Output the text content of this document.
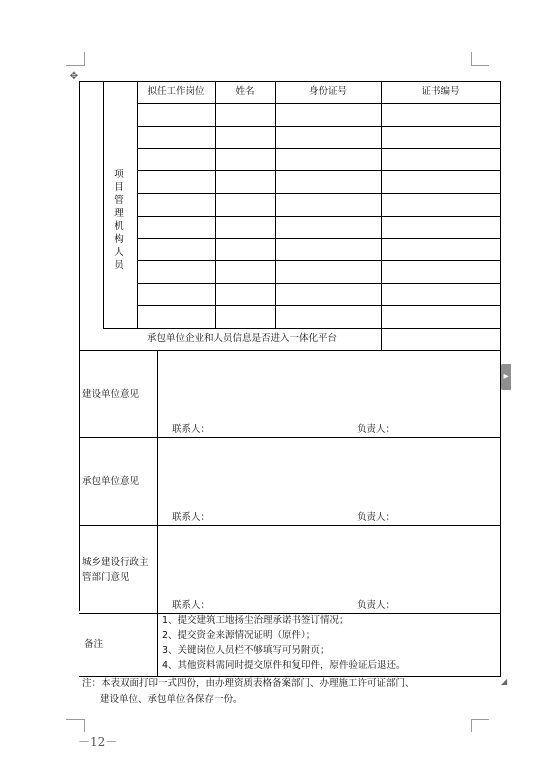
✥
▸
◢
拟任工作岗位	姓名	身份证号	证书编号
项目管理机构人员
承包单位企业和人员信息是否进入一体化平台
建设单位意见
联系人：	负责人：
承包单位意见
联系人：	负责人：
城乡建设行政主管部门意见
联系人：	负责人：
备注
1、提交建筑工地扬尘治理承诺书签订情况；
2、提交资金来源情况证明（原件）；
3、关键岗位人员栏不够填写可另附页；
4、其他资料需同时提交原件和复印件，原件验证后退还。
注：本表双面打印一式四份，由办理资质表格备案部门、办理施工许可证部门、
建设单位、承包单位各保存一份。
－12－
